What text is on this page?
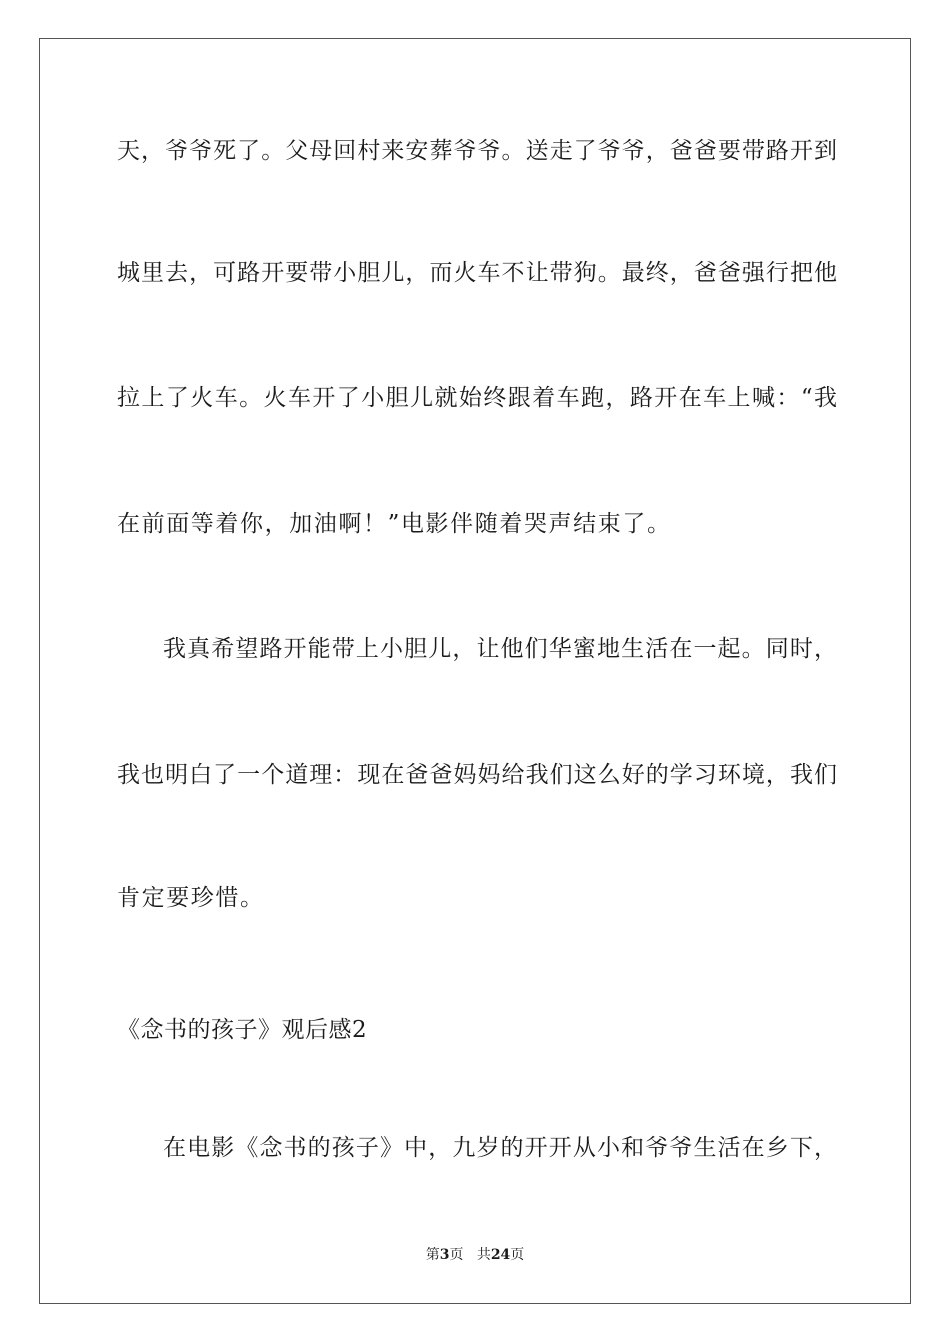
天，爷爷死了。父母回村来安葬爷爷。送走了爷爷，爸爸要带路开到
城里去，可路开要带小胆儿，而火车不让带狗。最终，爸爸强行把他
拉上了火车。火车开了小胆儿就始终跟着车跑，路开在车上喊：“我
在前面等着你，加油啊！”电影伴随着哭声结束了。
我真希望路开能带上小胆儿，让他们华蜜地生活在一起。同时，
我也明白了一个道理：现在爸爸妈妈给我们这么好的学习环境，我们
肯定要珍惜。
《念书的孩子》观后感2
在电影《念书的孩子》中，九岁的开开从小和爷爷生活在乡下，
第3页 共24页
